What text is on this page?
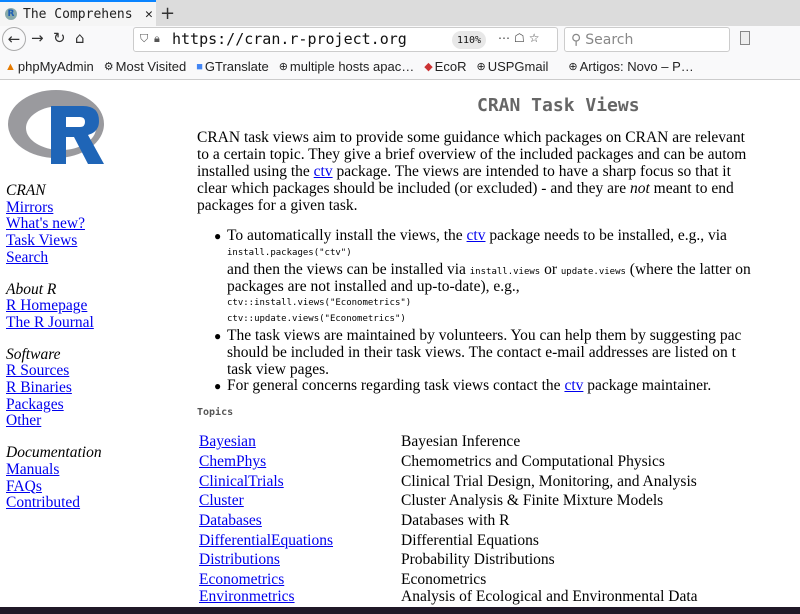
R The Comprehens ✕ +
← → ↻ ⌂	⛉ 🔒︎ https://cran.r-project.org	110%	⋯☖☆ ⚲ Search
▲ phpMyAdmin ⚙ Most Visited ■ GTranslate ⊕ multiple hosts apac… ◆ EcoR ⊕ USPGmail ⊕ Artigos: Novo – P…
CRAN
Mirrors
What's new?
Task Views
Search
About R
R Homepage
The R Journal
Software
R Sources
R Binaries
Packages
Other
Documentation
Manuals
FAQs
Contributed
CRAN Task Views
CRAN task views aim to provide some guidance which packages on CRAN are relevant
to a certain topic. They give a brief overview of the included packages and can be autom
installed using the ctv package. The views are intended to have a sharp focus so that it
clear which packages should be included (or excluded) - and they are not meant to end
packages for a given task.
● To automatically install the views, the ctv package needs to be installed, e.g., via
install.packages("ctv")
and then the views can be installed via install.views or update.views (where the latter on
packages are not installed and up-to-date), e.g.,
ctv::install.views("Econometrics")
ctv::update.views("Econometrics")
● The task views are maintained by volunteers. You can help them by suggesting pac
should be included in their task views. The contact e-mail addresses are listed on t
task view pages.
● For general concerns regarding task views contact the ctv package maintainer.
Topics
Bayesian	Bayesian Inference
ChemPhys	Chemometrics and Computational Physics
ClinicalTrials	Clinical Trial Design, Monitoring, and Analysis
Cluster	Cluster Analysis & Finite Mixture Models
Databases	Databases with R
DifferentialEquations	Differential Equations
Distributions	Probability Distributions
Econometrics	Econometrics
Environmetrics	Analysis of Ecological and Environmental Data
